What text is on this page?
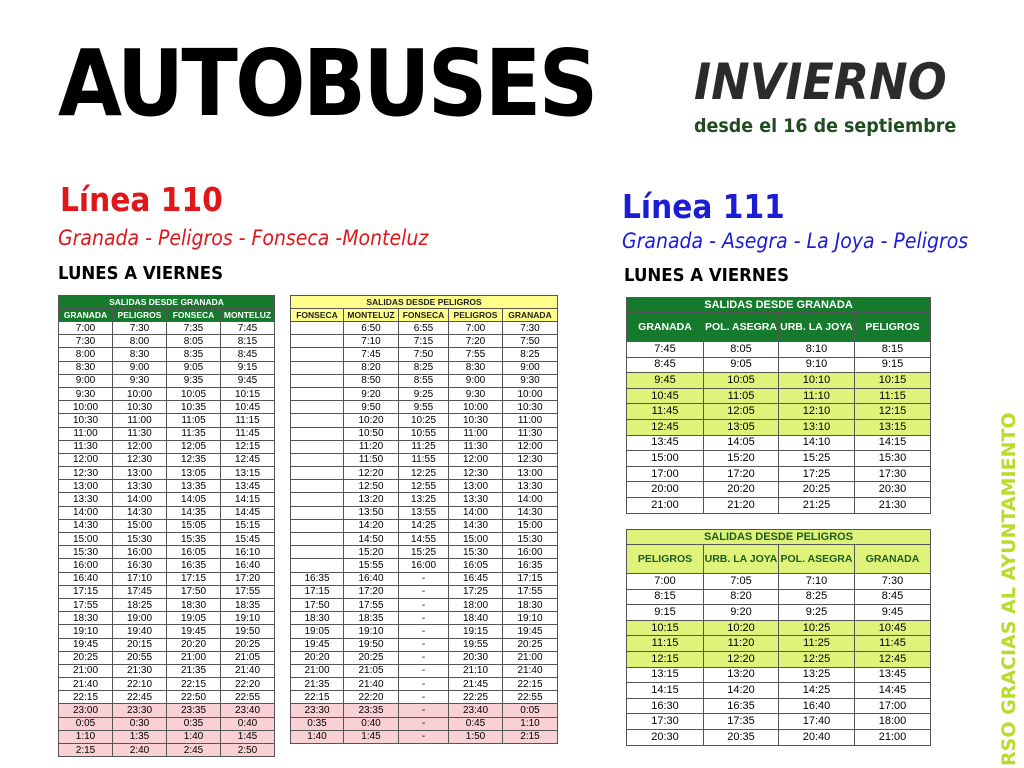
AUTOBUSES INVIERNO
desde el 16 de septiembre
Línea 110
Granada - Peligros - Fonseca -Monteluz
LUNES A VIERNES
Línea 111
Granada - Asegra - La Joya - Peligros
LUNES A VIERNES
SALIDAS DESDE GRANADA			
GRANADA	PELIGROS	FONSECA	MONTELUZ
7:00	7:30	7:35	7:45
7:30	8:00	8:05	8:15
8:00	8:30	8:35	8:45
8:30	9:00	9:05	9:15
9:00	9:30	9:35	9:45
9:30	10:00	10:05	10:15
10:00	10:30	10:35	10:45
10:30	11:00	11:05	11:15
11:00	11:30	11:35	11:45
11:30	12:00	12:05	12:15
12:00	12:30	12:35	12:45
12:30	13:00	13:05	13:15
13:00	13:30	13:35	13:45
13:30	14:00	14:05	14:15
14:00	14:30	14:35	14:45
14:30	15:00	15:05	15:15
15:00	15:30	15:35	15:45
15:30	16:00	16:05	16:10
16:00	16:30	16:35	16:40
16:40	17:10	17:15	17:20
17:15	17:45	17:50	17:55
17:55	18:25	18:30	18:35
18:30	19:00	19:05	19:10
19:10	19:40	19:45	19:50
19:45	20:15	20:20	20:25
20:25	20:55	21:00	21:05
21:00	21:30	21:35	21:40
21:40	22:10	22:15	22:20
22:15	22:45	22:50	22:55
23:00	23:30	23:35	23:40
0:05	0:30	0:35	0:40
1:10	1:35	1:40	1:45
2:15	2:40	2:45	2:50
SALIDAS DESDE PELIGROS				
FONSECA	MONTELUZ	FONSECA	PELIGROS	GRANADA
	6:50	6:55	7:00	7:30
	7:10	7:15	7:20	7:50
	7:45	7:50	7:55	8:25
	8:20	8:25	8:30	9:00
	8:50	8:55	9:00	9:30
	9:20	9:25	9:30	10:00
	9:50	9:55	10:00	10:30
	10:20	10:25	10:30	11:00
	10:50	10:55	11:00	11:30
	11:20	11:25	11:30	12:00
	11:50	11:55	12:00	12:30
	12:20	12:25	12:30	13:00
	12:50	12:55	13:00	13:30
	13:20	13:25	13:30	14:00
	13:50	13:55	14:00	14:30
	14:20	14:25	14:30	15:00
	14:50	14:55	15:00	15:30
	15:20	15:25	15:30	16:00
	15:55	16:00	16:05	16:35
16:35	16:40	-	16:45	17:15
17:15	17:20	-	17:25	17:55
17:50	17:55	-	18:00	18:30
18:30	18:35	-	18:40	19:10
19:05	19:10	-	19:15	19:45
19:45	19:50	-	19:55	20:25
20:20	20:25	-	20:30	21:00
21:00	21:05	-	21:10	21:40
21:35	21:40	-	21:45	22:15
22:15	22:20	-	22:25	22:55
23:30	23:35	-	23:40	0:05
0:35	0:40	-	0:45	1:10
1:40	1:45	-	1:50	2:15
SALIDAS DESDE GRANADA			
GRANADA	POL. ASEGRA	URB. LA JOYA	PELIGROS
7:45	8:05	8:10	8:15
8:45	9:05	9:10	9:15
9:45	10:05	10:10	10:15
10:45	11:05	11:10	11:15
11:45	12:05	12:10	12:15
12:45	13:05	13:10	13:15
13:45	14:05	14:10	14:15
15:00	15:20	15:25	15:30
17:00	17:20	17:25	17:30
20:00	20:20	20:25	20:30
21:00	21:20	21:25	21:30
SALIDAS DESDE PELIGROS			
PELIGROS	URB. LA JOYA	POL. ASEGRA	GRANADA
7:00	7:05	7:10	7:30
8:15	8:20	8:25	8:45
9:15	9:20	9:25	9:45
10:15	10:20	10:25	10:45
11:15	11:20	11:25	11:45
12:15	12:20	12:25	12:45
13:15	13:20	13:25	13:45
14:15	14:20	14:25	14:45
16:30	16:35	16:40	17:00
17:30	17:35	17:40	18:00
20:30	20:35	20:40	21:00	RSO GRACIAS AL AYUNTAMIENTO
